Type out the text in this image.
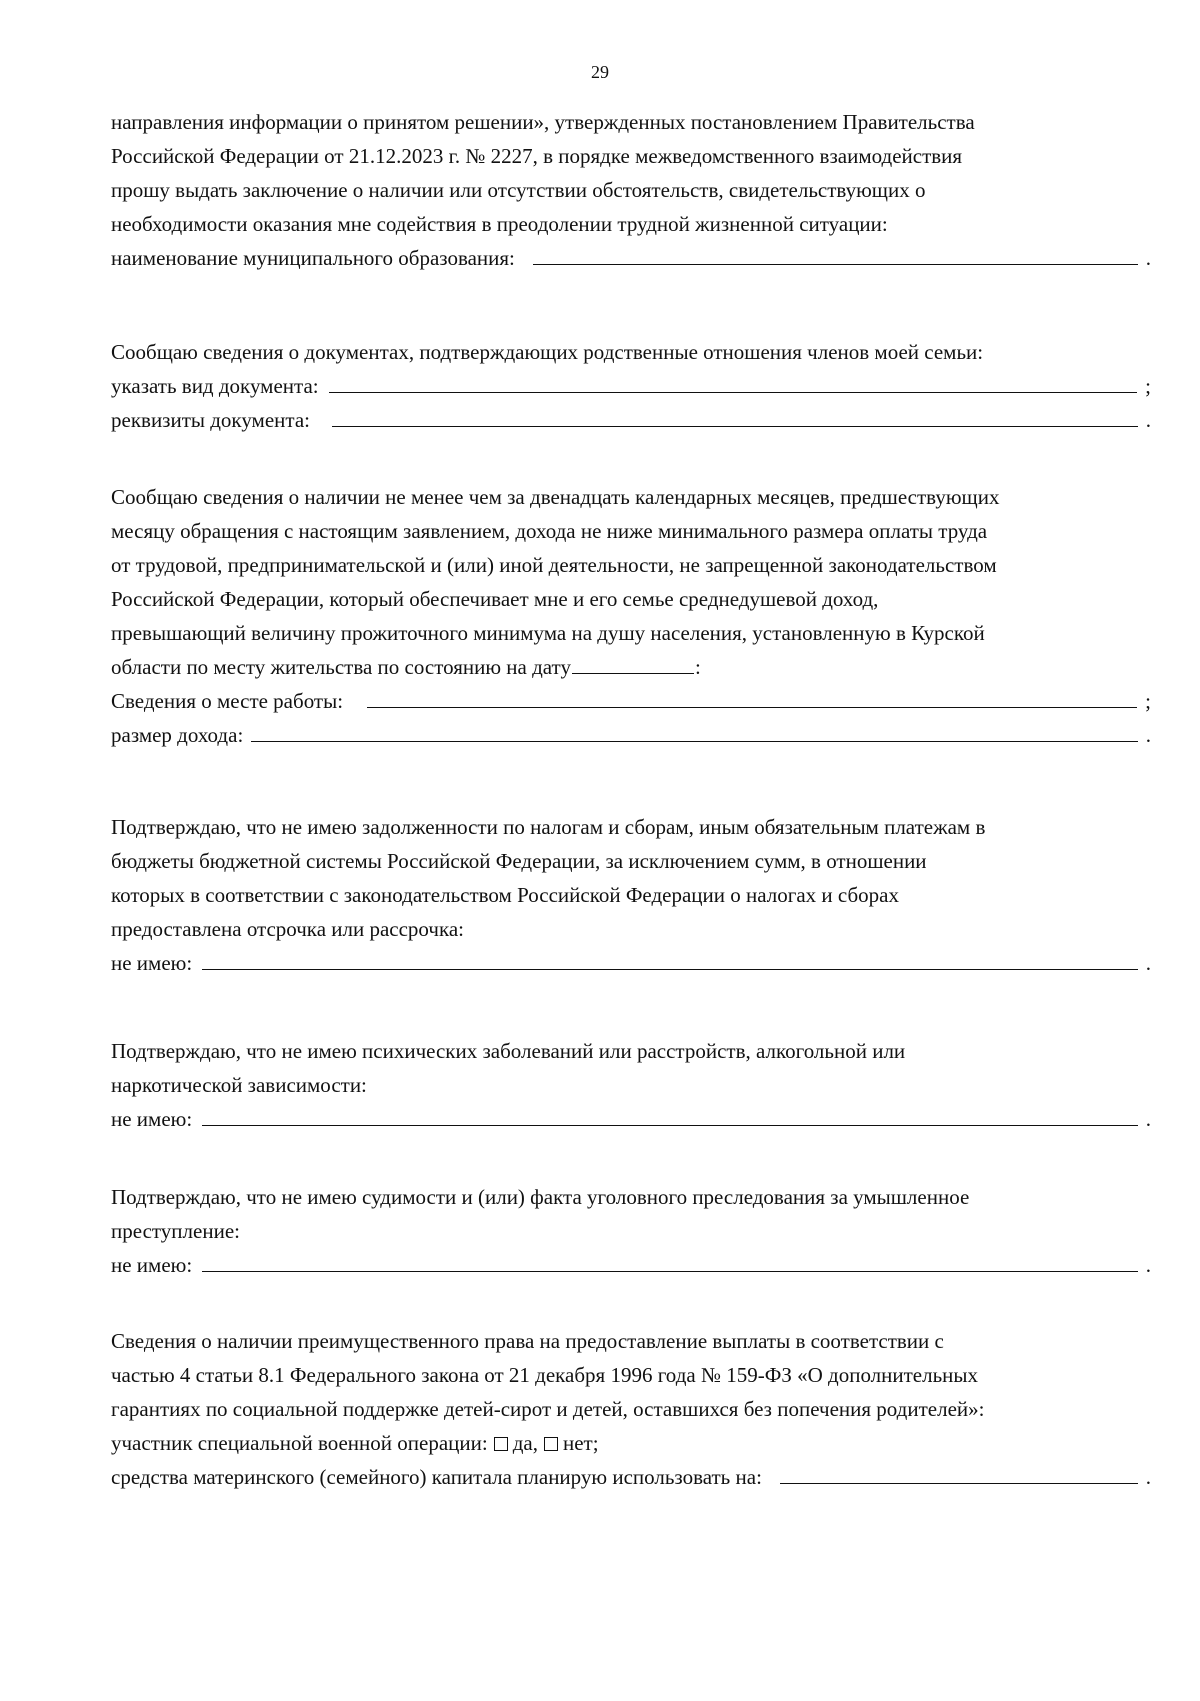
29
направления информации о принятом решении», утвержденных постановлением Правительства
Российской Федерации от 21.12.2023 г. № 2227, в порядке межведомственного взаимодействия
прошу выдать заключение о наличии или отсутствии обстоятельств, свидетельствующих о
необходимости оказания мне содействия в преодолении трудной жизненной ситуации:
наименование муниципального образования:	.
Сообщаю сведения о документах, подтверждающих родственные отношения членов моей семьи:
указать вид документа:	;
реквизиты документа:	.
Сообщаю сведения о наличии не менее чем за двенадцать календарных месяцев, предшествующих
месяцу обращения с настоящим заявлением, дохода не ниже минимального размера оплаты труда
от трудовой, предпринимательской и (или) иной деятельности, не запрещенной законодательством
Российской Федерации, который обеспечивает мне и его семье среднедушевой доход,
превышающий величину прожиточного минимума на душу населения, установленную в Курской
области по месту жительства по состоянию на дату	:
Сведения о месте работы:	;
размер дохода:	.
Подтверждаю, что не имею задолженности по налогам и сборам, иным обязательным платежам в
бюджеты бюджетной системы Российской Федерации, за исключением сумм, в отношении
которых в соответствии с законодательством Российской Федерации о налогах и сборах
предоставлена отсрочка или рассрочка:
не имею:	.
Подтверждаю, что не имею психических заболеваний или расстройств, алкогольной или
наркотической зависимости:
не имею:	.
Подтверждаю, что не имею судимости и (или) факта уголовного преследования за умышленное
преступление:
не имею:	.
Сведения о наличии преимущественного права на предоставление выплаты в соответствии с
частью 4 статьи 8.1 Федерального закона от 21 декабря 1996 года № 159-ФЗ «О дополнительных
гарантиях по социальной поддержке детей-сирот и детей, оставшихся без попечения родителей»:
участник специальной военной операции: да, нет;
средства материнского (семейного) капитала планирую использовать на:	.
